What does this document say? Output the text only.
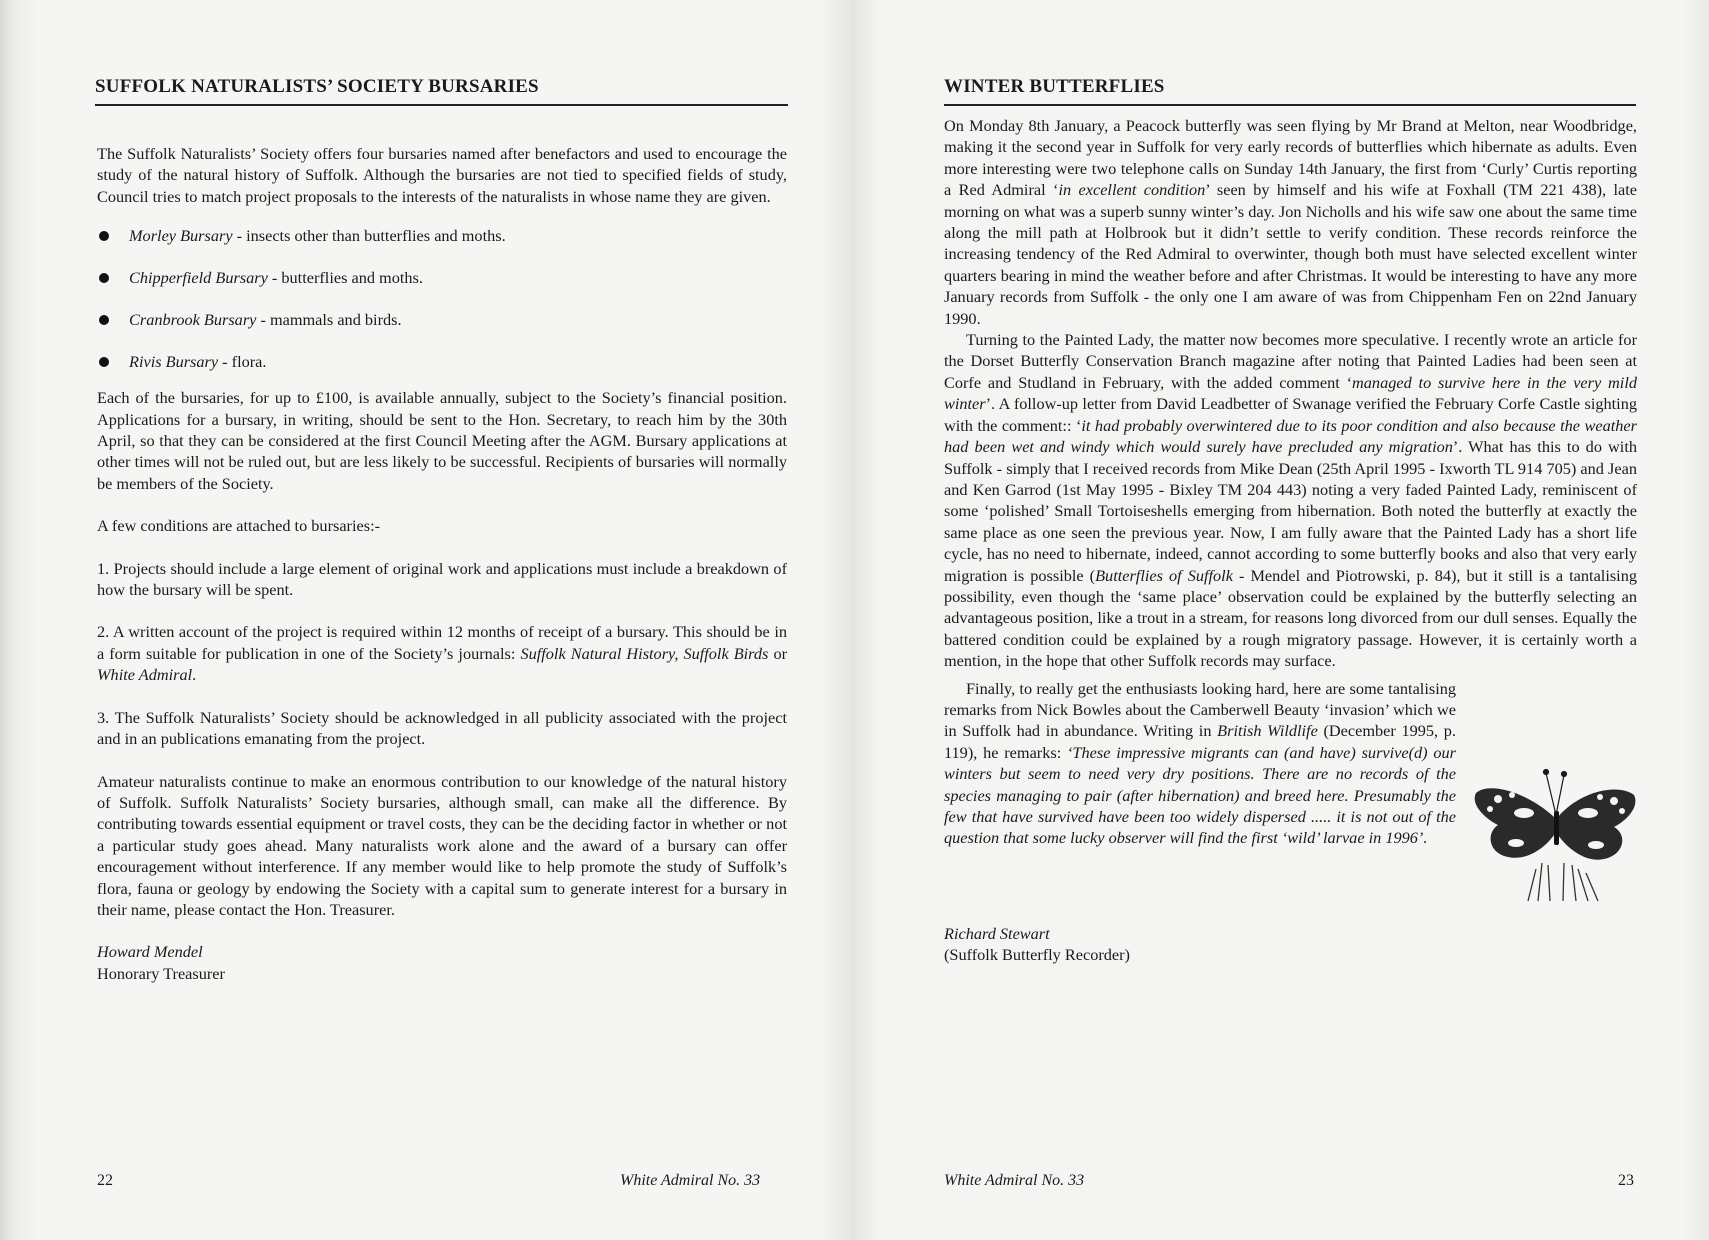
SUFFOLK NATURALISTS’ SOCIETY BURSARIES

The Suffolk Naturalists’ Society offers four bursaries named after benefactors and used to encourage the study of the natural history of Suffolk. Although the bursaries are not tied to specified fields of study, Council tries to match project proposals to the interests of the naturalists in whose name they are given.

Morley Bursary - insects other than butterflies and moths.
Chipperfield Bursary - butterflies and moths.
Cranbrook Bursary - mammals and birds.
Rivis Bursary - flora.

Each of the bursaries, for up to £100, is available annually, subject to the Society’s financial position. Applications for a bursary, in writing, should be sent to the Hon. Secretary, to reach him by the 30th April, so that they can be considered at the first Council Meeting after the AGM. Bursary applications at other times will not be ruled out, but are less likely to be successful. Recipients of bursaries will normally be members of the Society.

A few conditions are attached to bursaries:-

1. Projects should include a large element of original work and applications must include a breakdown of how the bursary will be spent.

2. A written account of the project is required within 12 months of receipt of a bursary. This should be in a form suitable for publication in one of the Society’s journals: Suffolk Natural History, Suffolk Birds or White Admiral.

3. The Suffolk Naturalists’ Society should be acknowledged in all publicity associated with the project and in an publications emanating from the project.

Amateur naturalists continue to make an enormous contribution to our knowledge of the natural history of Suffolk. Suffolk Naturalists’ Society bursaries, although small, can make all the difference. By contributing towards essential equipment or travel costs, they can be the deciding factor in whether or not a particular study goes ahead. Many naturalists work alone and the award of a bursary can offer encouragement without interference. If any member would like to help promote the study of Suffolk’s flora, fauna or geology by endowing the Society with a capital sum to generate interest for a bursary in their name, please contact the Hon. Treasurer.

Howard Mendel

Honorary Treasurer

22	White Admiral No. 33
WINTER BUTTERFLIES

On Monday 8th January, a Peacock butterfly was seen flying by Mr Brand at Melton, near Woodbridge, making it the second year in Suffolk for very early records of butterflies which hibernate as adults. Even more interesting were two telephone calls on Sunday 14th January, the first from ‘Curly’ Curtis reporting a Red Admiral ‘in excellent condition’ seen by himself and his wife at Foxhall (TM 221 438), late morning on what was a superb sunny winter’s day. Jon Nicholls and his wife saw one about the same time along the mill path at Holbrook but it didn’t settle to verify condition. These records reinforce the increasing tendency of the Red Admiral to overwinter, though both must have selected excellent winter quarters bearing in mind the weather before and after Christmas. It would be interesting to have any more January records from Suffolk - the only one I am aware of was from Chippenham Fen on 22nd January 1990.

Turning to the Painted Lady, the matter now becomes more speculative. I recently wrote an article for the Dorset Butterfly Conservation Branch magazine after noting that Painted Ladies had been seen at Corfe and Studland in February, with the added comment ‘managed to survive here in the very mild winter’. A follow-up letter from David Leadbetter of Swanage verified the February Corfe Castle sighting with the comment:: ‘it had probably overwintered due to its poor condition and also because the weather had been wet and windy which would surely have precluded any migration’. What has this to do with Suffolk - simply that I received records from Mike Dean (25th April 1995 - Ixworth TL 914 705) and Jean and Ken Garrod (1st May 1995 - Bixley TM 204 443) noting a very faded Painted Lady, reminiscent of some ‘polished’ Small Tortoiseshells emerging from hibernation. Both noted the butterfly at exactly the same place as one seen the previous year. Now, I am fully aware that the Painted Lady has a short life cycle, has no need to hibernate, indeed, cannot according to some butterfly books and also that very early migration is possible (Butterflies of Suffolk - Mendel and Piotrowski, p. 84), but it still is a tantalising possibility, even though the ‘same place’ observation could be explained by the butterfly selecting an advantageous position, like a trout in a stream, for reasons long divorced from our dull senses. Equally the battered condition could be explained by a rough migratory passage. However, it is certainly worth a mention, in the hope that other Suffolk records may surface.

Finally, to really get the enthusiasts looking hard, here are some tantalising remarks from Nick Bowles about the Camberwell Beauty ‘invasion’ which we in Suffolk had in abundance. Writing in British Wildlife (December 1995, p. 119), he remarks: ‘These impressive migrants can (and have) survive(d) our winters but seem to need very dry positions. There are no records of the species managing to pair (after hibernation) and breed here. Presumably the few that have survived have been too widely dispersed ..... it is not out of the question that some lucky observer will find the first ‘wild’ larvae in 1996’.

Richard Stewart

(Suffolk Butterfly Recorder)

White Admiral No. 33	23
